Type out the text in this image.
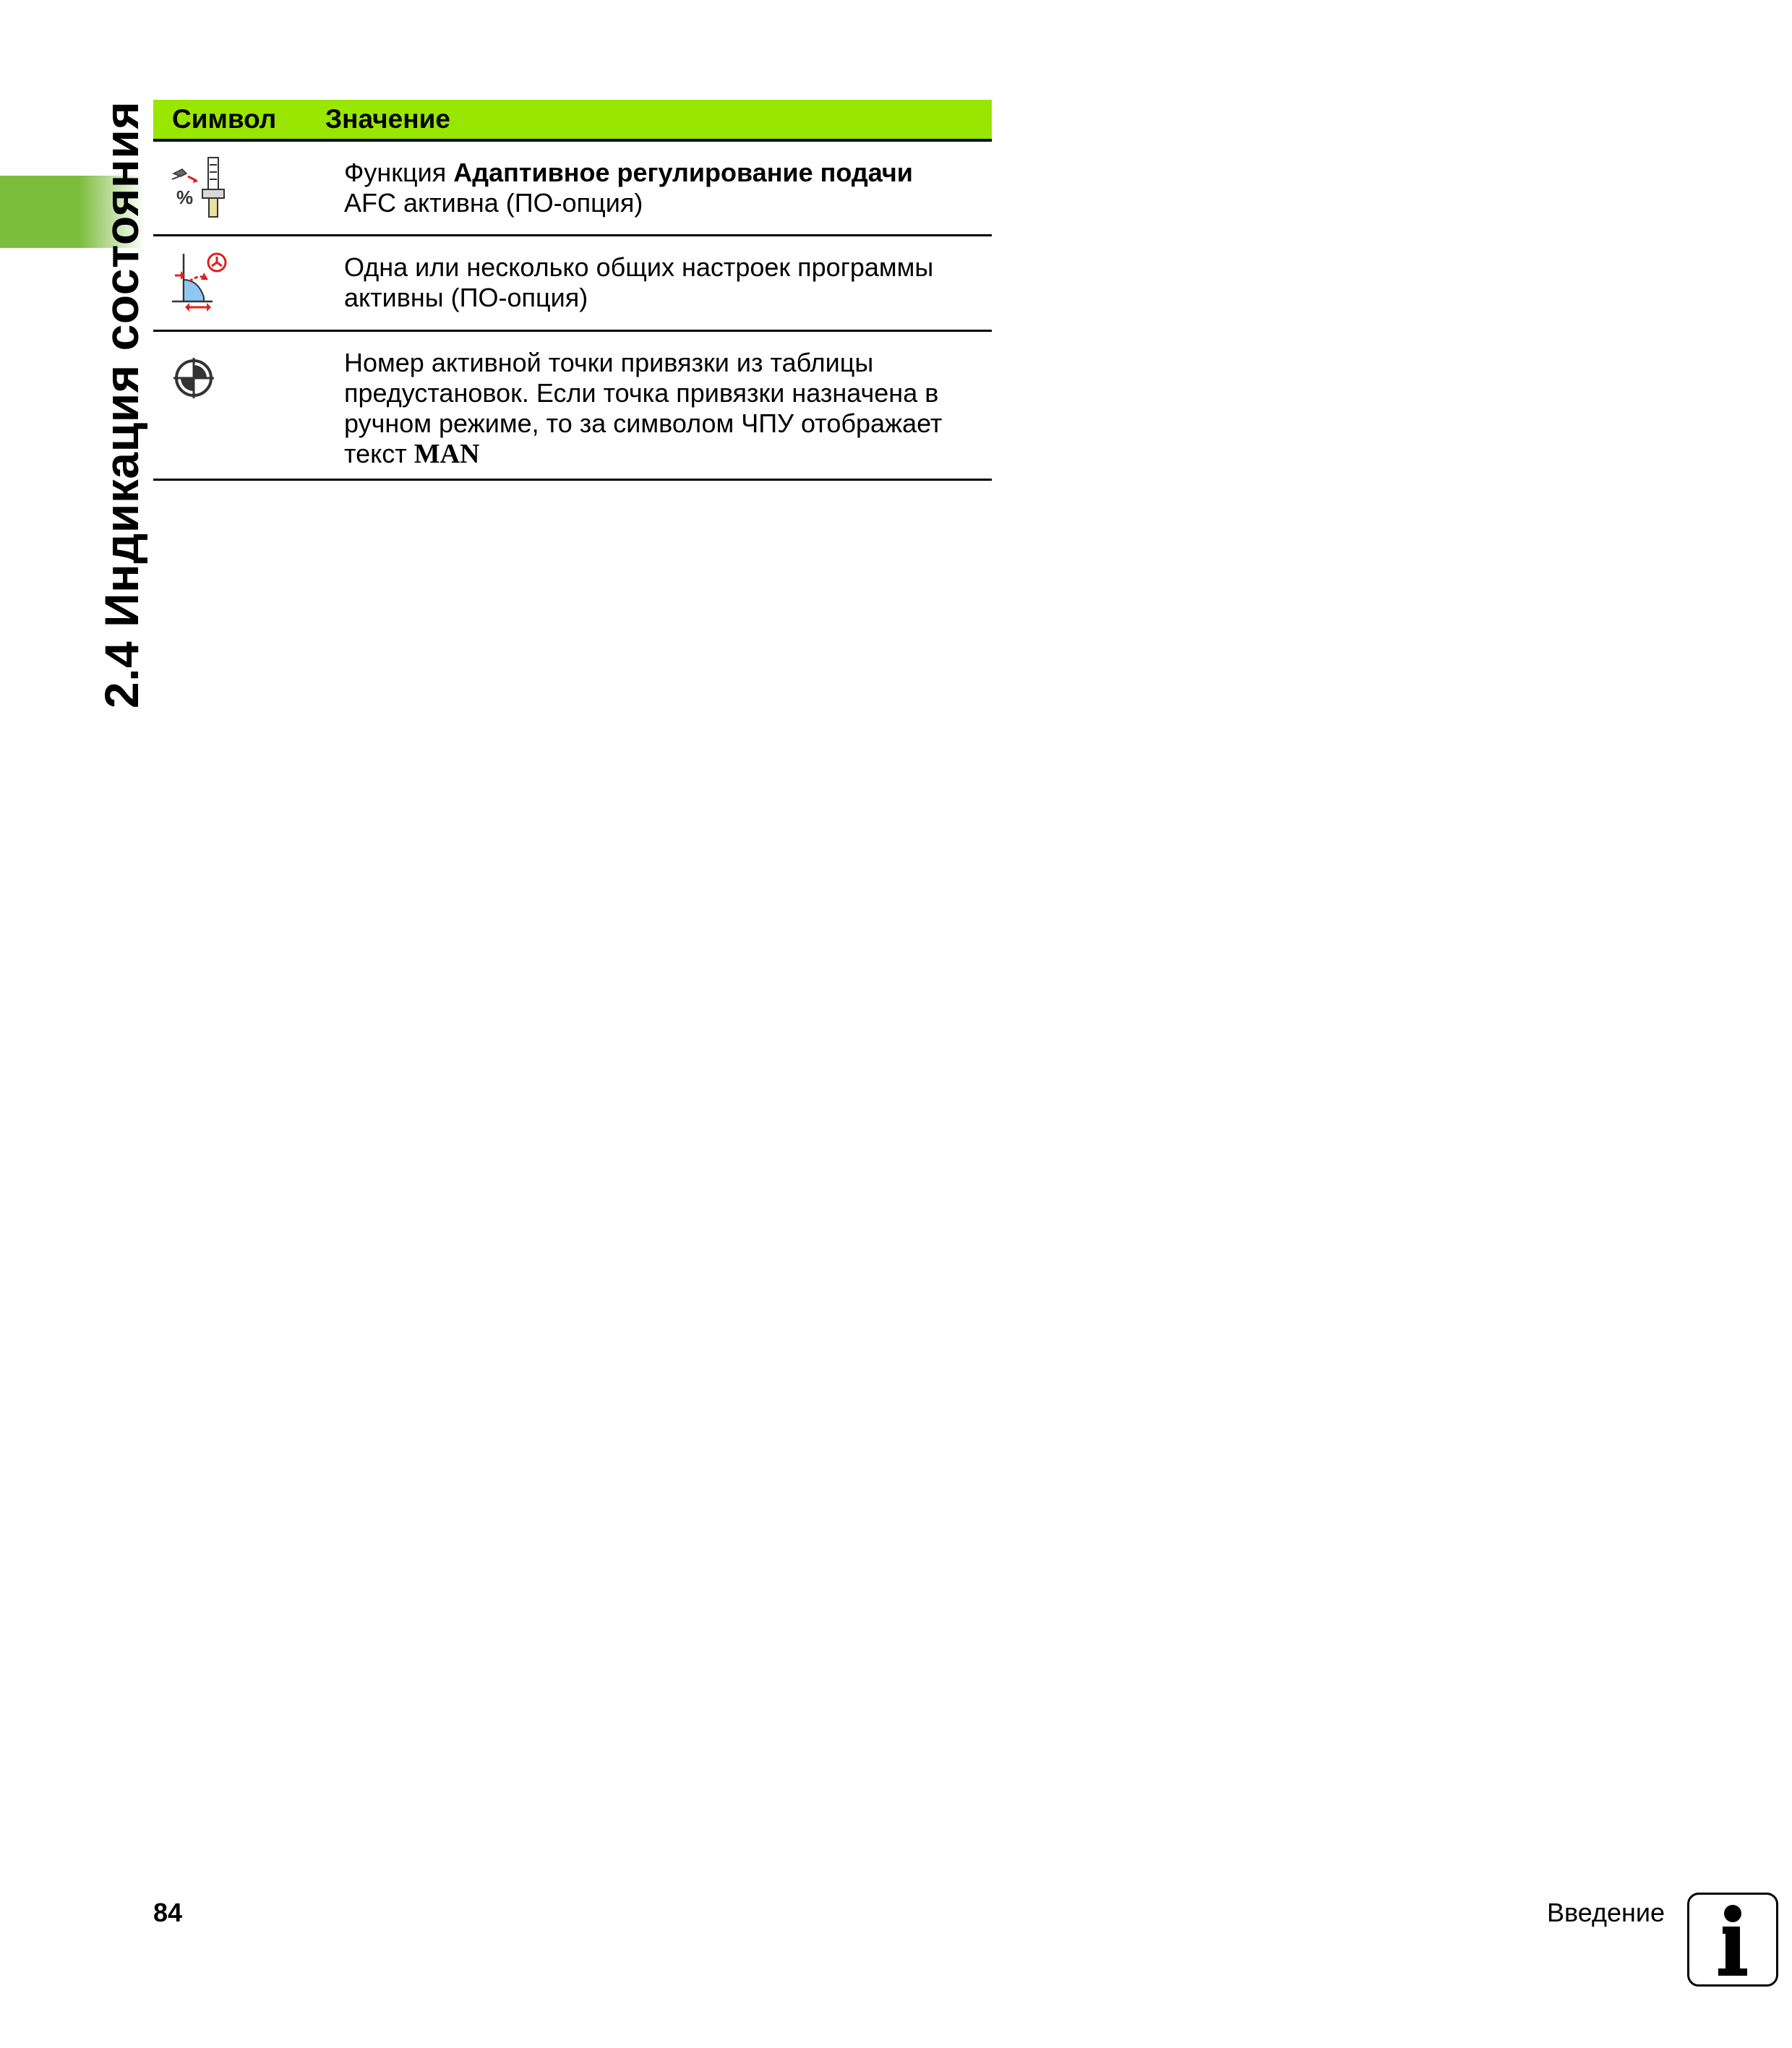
2.4 Индикация состояния Символ	Значение
%
Функция Адаптивное регулирование подачи
AFC активна (ПО-опция)
Одна или несколько общих настроек программы активны (ПО-опция)
Номер активной точки привязки из таблицы предустановок. Если точка привязки назначена в ручном режиме, то за символом ЧПУ отображает текст MAN
84	Введение
